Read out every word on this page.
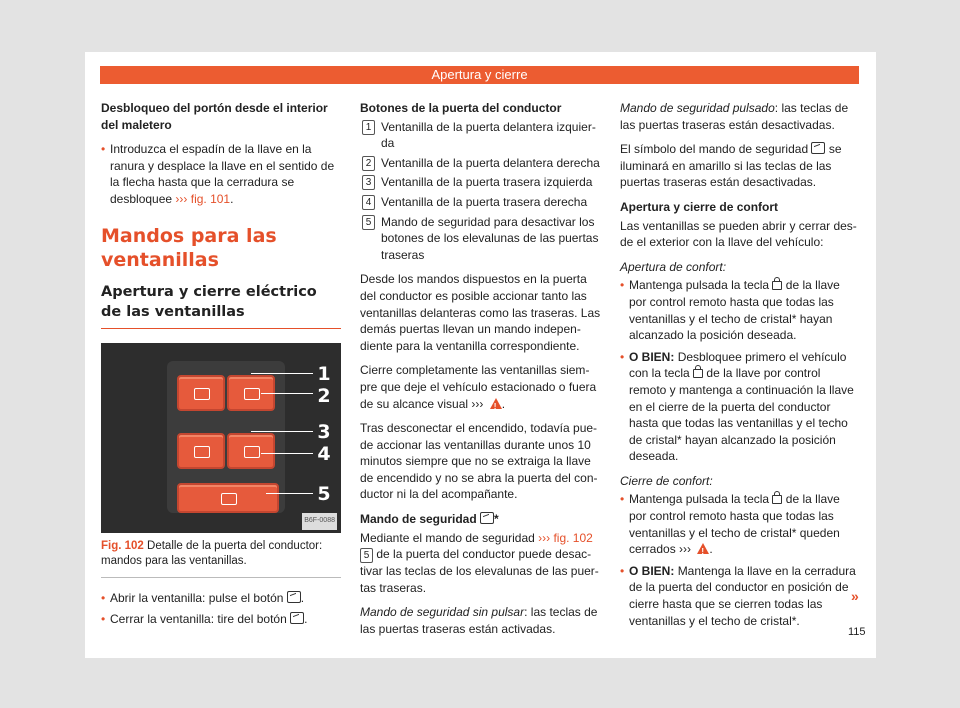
Apertura y cierre

Desbloqueo del portón desde el interior del maletero

• Introduzca el espadín de la llave en la ranura y desplace la llave en el sentido de la flecha hasta que la cerradura se desbloquee ››› fig. 101.
Mandos para las ventanillas
Apertura y cierre eléctrico de las ventanillas
1
2
3
4
5
B6F-0088
Fig. 102 Detalle de la puerta del conductor: mandos para las ventanillas.
• Abrir la ventanilla: pulse el botón .
• Cerrar la ventanilla: tire del botón .

Botones de la puerta del conductor

1 Ventanilla de la puerta delantera izquierda
2 Ventanilla de la puerta delantera derecha
3 Ventanilla de la puerta trasera izquierda
4 Ventanilla de la puerta trasera derecha
5 Mando de seguridad para desactivar los botones de los elevalunas de las puertas traseras

Desde los mandos dispuestos en la puerta del conductor es posible accionar tanto las ventanillas delanteras como las traseras. Las demás puertas llevan un mando independiente para la ventanilla correspondiente.

Cierre completamente las ventanillas siempre que deje el vehículo estacionado o fuera de su alcance visual ››› ! .

Tras desconectar el encendido, todavía puede accionar las ventanillas durante unos 10 minutos siempre que no se extraiga la llave de encendido y no se abra la puerta del conductor ni la del acompañante.

Mando de seguridad *

Mediante el mando de seguridad ››› fig. 102 5 de la puerta del conductor puede desactivar las teclas de los elevalunas de las puertas traseras.

Mando de seguridad sin pulsar: las teclas de las puertas traseras están activadas.

Mando de seguridad pulsado: las teclas de las puertas traseras están desactivadas.

El símbolo del mando de seguridad se iluminará en amarillo si las teclas de las puertas traseras están desactivadas.

Apertura y cierre de confort

Las ventanillas se pueden abrir y cerrar desde el exterior con la llave del vehículo:

Apertura de confort:

• Mantenga pulsada la tecla de la llave por control remoto hasta que todas las ventanillas y el techo de cristal* hayan alcanzado la posición deseada.
• O BIEN: Desbloquee primero el vehículo con la tecla de la llave por control remoto y mantenga a continuación la llave en el cierre de la puerta del conductor hasta que todas las ventanillas y el techo de cristal* hayan alcanzado la posición deseada.

Cierre de confort:

• Mantenga pulsada la tecla de la llave por control remoto hasta que todas las ventanillas y el techo de cristal* queden cerrados ››› ! .
• O BIEN: Mantenga la llave en la cerradura de la puerta del conductor en posición de cierre hasta que se cierren todas las ventanillas y el techo de cristal*.
»
115
